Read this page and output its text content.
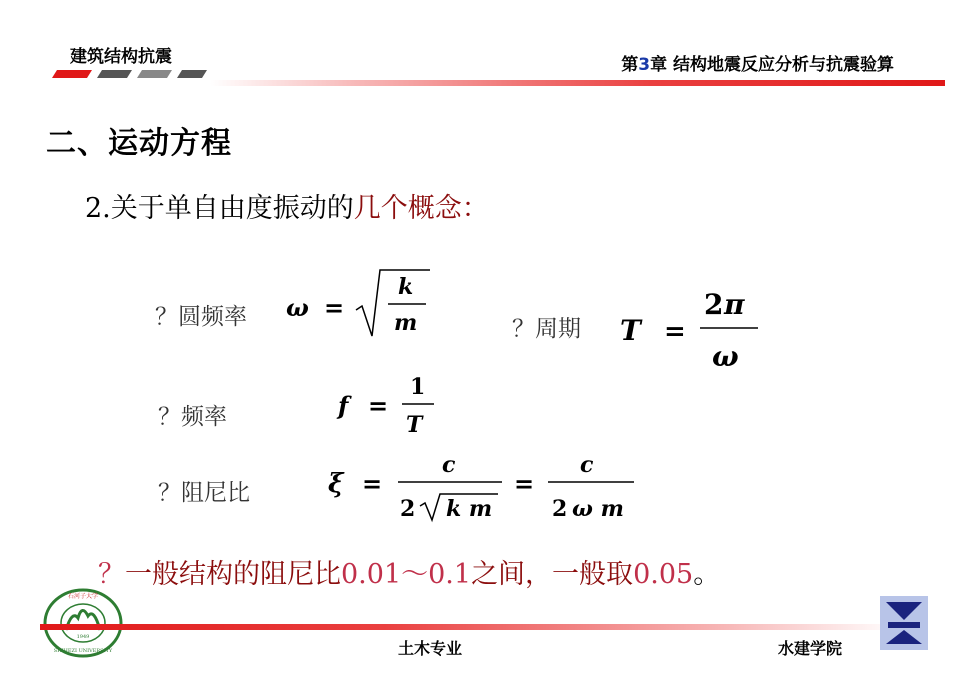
建筑结构抗震	第3章 结构地震反应分析与抗震验算
二、运动方程
2.关于单自由度振动的几个概念：
？圆频率 ω =
k
m	？周期 T =
2 π
ω
？频率	f =
1
T
？阻尼比	ξ =
c
2 k m
=
c
2 ω m
？一般结构的阻尼比0.01～0.1之间，一般取0.05。
1949
石河子大学
SHIHEZI UNIVERSITY	土木专业	水建学院
